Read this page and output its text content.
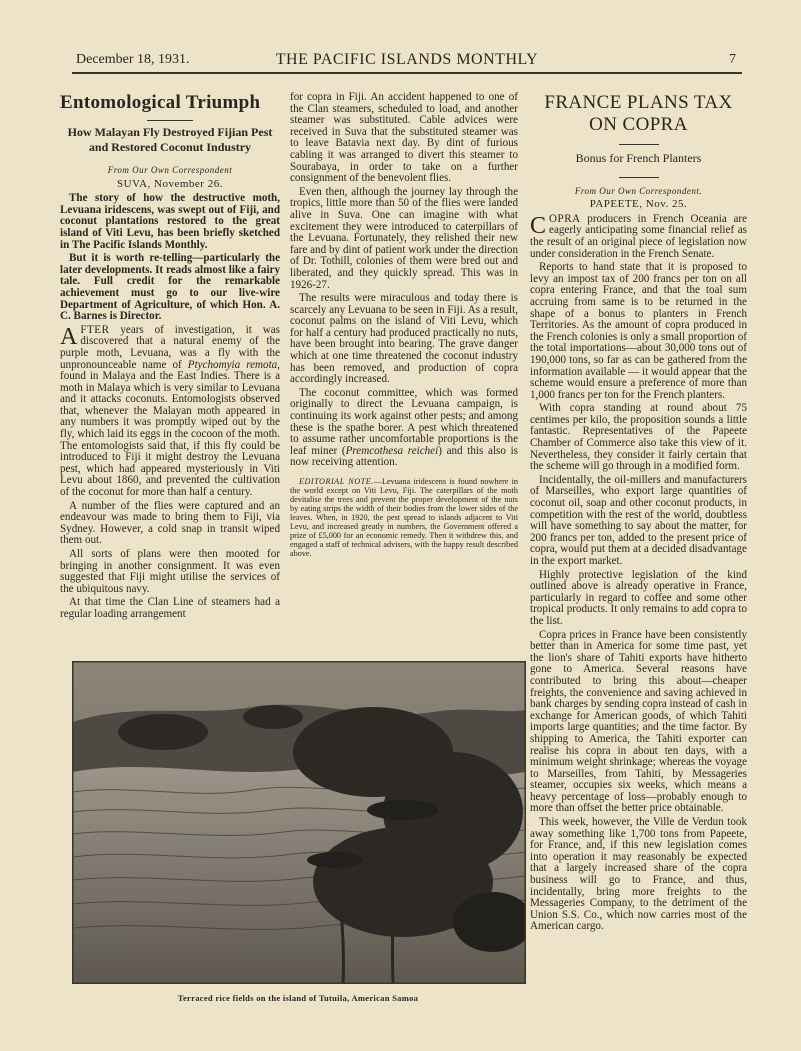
December 18, 1931.	THE PACIFIC ISLANDS MONTHLY	7
Entomological Triumph
How Malayan Fly Destroyed Fijian Pest and Restored Coconut Industry
From Our Own Correspondent
SUVA, November 26.

The story of how the destructive moth, Levuana iridescens, was swept out of Fiji, and coconut plantations restored to the great island of Viti Levu, has been briefly sketched in The Pacific Islands Monthly.

But it is worth re-telling—particularly the later developments. It reads almost like a fairy tale. Full credit for the remarkable achievement must go to our live-wire Department of Agriculture, of which Hon. A. C. Barnes is Director.

AFTER years of investigation, it was discovered that a natural enemy of the purple moth, Levuana, was a fly with the unpronounceable name of Ptychomyia remota, found in Malaya and the East Indies. There is a moth in Malaya which is very similar to Levuana and it attacks coconuts. Entomologists observed that, whenever the Malayan moth appeared in any numbers it was promptly wiped out by the fly, which laid its eggs in the cocoon of the moth. The entomologists said that, if this fly could be introduced to Fiji it might destroy the Levuana pest, which had appeared mysteriously in Viti Levu about 1860, and prevented the cultivation of the coconut for more than half a century.

A number of the flies were captured and an endeavour was made to bring them to Fiji, via Sydney. However, a cold snap in transit wiped them out.

All sorts of plans were then mooted for bringing in another consignment. It was even suggested that Fiji might utilise the services of the ubiquitous navy.

At that time the Clan Line of steamers had a regular loading arrangement

for copra in Fiji. An accident happened to one of the Clan steamers, scheduled to load, and another steamer was substituted. Cable advices were received in Suva that the substituted steamer was to leave Batavia next day. By dint of furious cabling it was arranged to divert this steamer to Sourabaya, in order to take on a further consignment of the benevolent flies.

Even then, although the journey lay through the tropics, little more than 50 of the flies were landed alive in Suva. One can imagine with what excitement they were introduced to caterpillars of the Levuana. Fortunately, they relished their new fare and by dint of patient work under the direction of Dr. Tothill, colonies of them were bred out and liberated, and they quickly spread. This was in 1926-27.

The results were miraculous and today there is scarcely any Levuana to be seen in Fiji. As a result, coconut palms on the island of Viti Levu, which for half a century had produced practically no nuts, have been brought into bearing. The grave danger which at one time threatened the coconut industry has been removed, and production of copra accordingly increased.

The coconut committee, which was formed originally to direct the Levuana campaign, is continuing its work against other pests; and among these is the spathe borer. A pest which threatened to assume rather uncomfortable proportions is the leaf miner (Premcothesa reichei) and this also is now receiving attention.

EDITORIAL NOTE.—Levuana iridescens is found nowhere in the world except on Viti Levu, Fiji. The caterpillars of the moth devitalise the trees and prevent the proper development of the nuts by eating strips the width of their bodies from the lower sides of the leaves. When, in 1920, the pest spread to islands adjacent to Viti Levu, and increased greatly in numbers, the Government offered a prize of £5,000 for an economic remedy. Then it withdrew this, and engaged a staff of technical advisers, with the happy result described above.
FRANCE PLANS TAX
ON COPRA
Bonus for French Planters
From Our Own Correspondent.
PAPEETE, Nov. 25.

COPRA producers in French Oceania are eagerly anticipating some financial relief as the result of an original piece of legislation now under consideration in the French Senate.

Reports to hand state that it is proposed to levy an impost tax of 200 francs per ton on all copra entering France, and that the toal sum accruing from same is to be returned in the shape of a bonus to planters in French Territories. As the amount of copra produced in the French colonies is only a small proportion of the total importations—about 30,000 tons out of 190,000 tons, so far as can be gathered from the information available — it would appear that the scheme would ensure a preference of more than 1,000 francs per ton for the French planters.

With copra standing at round about 75 centimes per kilo, the proposition sounds a little fantastic. Representatives of the Papeete Chamber of Commerce also take this view of it. Nevertheless, they consider it fairly certain that the scheme will go through in a modified form.

Incidentally, the oil-millers and manufacturers of Marseilles, who export large quantities of coconut oil, soap and other coconut products, in competition with the rest of the world, doubtless will have something to say about the matter, for 200 francs per ton, added to the present price of copra, would put them at a decided disadvantage in the export market.

Highly protective legislation of the kind outlined above is already operative in France, particularly in regard to coffee and some other tropical products. It only remains to add copra to the list.

Copra prices in France have been consistently better than in America for some time past, yet the lion's share of Tahiti exports have hitherto gone to America. Several reasons have contributed to bring this about—cheaper freights, the convenience and saving achieved in bank charges by sending copra instead of cash in exchange for American goods, of which Tahiti imports large quantities; and the time factor. By shipping to America, the Tahiti exporter can realise his copra in about ten days, with a minimum weight shrinkage; whereas the voyage to Marseilles, from Tahiti, by Messageries steamer, occupies six weeks, which means a heavy percentage of loss—probably enough to more than offset the better price obtainable.

This week, however, the Ville de Verdun took away something like 1,700 tons from Papeete, for France, and, if this new legislation comes into operation it may reasonably be expected that a largely increased share of the copra business will go to France, and thus, incidentally, bring more freights to the Messageries Company, to the detriment of the Union S.S. Co., which now carries most of the American cargo.

Terraced rice fields on the island of Tutuila, American Samoa
